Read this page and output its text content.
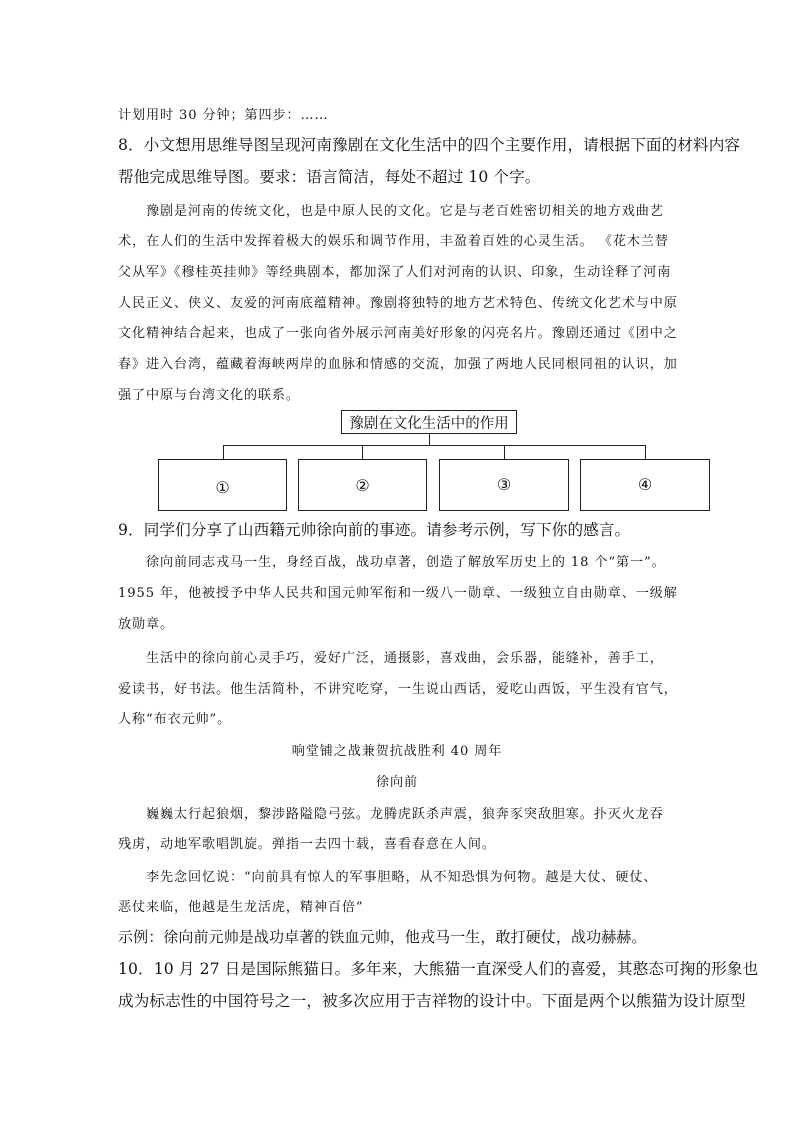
计划用时 30 分钟；第四步：……
8．小文想用思维导图呈现河南豫剧在文化生活中的四个主要作用，请根据下面的材料内容
帮他完成思维导图。要求：语言简洁，每处不超过 10 个字。
豫剧是河南的传统文化，也是中原人民的文化。它是与老百姓密切相关的地方戏曲艺
术，在人们的生活中发挥着极大的娱乐和调节作用，丰盈着百姓的心灵生活。 《花木兰替
父从军》《穆桂英挂帅》等经典剧本，都加深了人们对河南的认识、印象，生动诠释了河南
人民正义、侠义、友爱的河南底蕴精神。豫剧将独特的地方艺术特色、传统文化艺术与中原
文化精神结合起来，也成了一张向省外展示河南美好形象的闪亮名片。豫剧还通过《团中之
春》进入台湾，蕴藏着海峡两岸的血脉和情感的交流，加强了两地人民同根同祖的认识，加
强了中原与台湾文化的联系。
豫剧在文化生活中的作用
①	②	③	④
9．同学们分享了山西籍元帅徐向前的事迹。请参考示例，写下你的感言。
徐向前同志戎马一生，身经百战，战功卓著，创造了解放军历史上的 18 个“第一”。
1955 年，他被授予中华人民共和国元帅军衔和一级八一勋章、一级独立自由勋章、一级解
放勋章。
生活中的徐向前心灵手巧，爱好广泛，通摄影，喜戏曲，会乐器，能缝补，善手工，
爱读书，好书法。他生活简朴，不讲究吃穿，一生说山西话，爱吃山西饭，平生没有官气，
人称“布衣元帅”。
响堂铺之战兼贺抗战胜利 40 周年
徐向前
巍巍太行起狼烟，黎涉路隘隐弓弦。龙腾虎跃杀声震，狼奔豕突敌胆寒。扑灭火龙吞
残虏，动地军歌唱凯旋。弹指一去四十载，喜看春意在人间。
李先念回忆说：“向前具有惊人的军事胆略，从不知恐惧为何物。越是大仗、硬仗、
恶仗来临，他越是生龙活虎，精神百倍”
示例：徐向前元帅是战功卓著的铁血元帅，他戎马一生，敢打硬仗，战功赫赫。
10．10 月 27 日是国际熊猫日。多年来，大熊猫一直深受人们的喜爱，其憨态可掬的形象也
成为标志性的中国符号之一，被多次应用于吉祥物的设计中。下面是两个以熊猫为设计原型
